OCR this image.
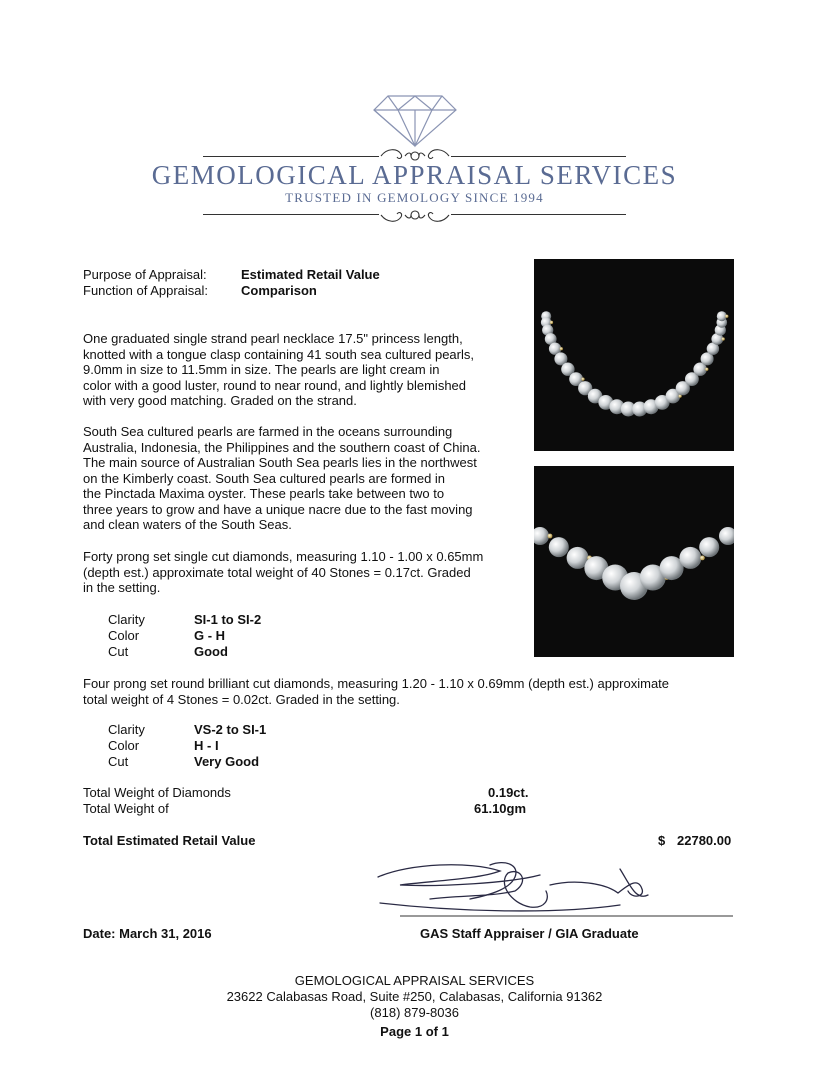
GEMOLOGICAL APPRAISAL SERVICES
TRUSTED IN GEMOLOGY SINCE 1994
Purpose of Appraisal:	Estimated Retail Value
Function of Appraisal:	Comparison
One graduated single strand pearl necklace 17.5" princess length,
knotted with a tongue clasp containing 41 south sea cultured pearls,
9.0mm in size to 11.5mm in size. The pearls are light cream in
color with a good luster, round to near round, and lightly blemished
with very good matching. Graded on the strand.
South Sea cultured pearls are farmed in the oceans surrounding
Australia, Indonesia, the Philippines and the southern coast of China.
The main source of Australian South Sea pearls lies in the northwest
on the Kimberly coast. South Sea cultured pearls are formed in
the Pinctada Maxima oyster. These pearls take between two to
three years to grow and have a unique nacre due to the fast moving
and clean waters of the South Seas.
Forty prong set single cut diamonds, measuring 1.10 - 1.00 x 0.65mm
(depth est.) approximate total weight of 40 Stones = 0.17ct. Graded
in the setting.
Clarity	SI-1 to SI-2
Color	G - H
Cut	Good
Four prong set round brilliant cut diamonds, measuring 1.20 - 1.10 x 0.69mm (depth est.) approximate
total weight of 4 Stones = 0.02ct. Graded in the setting.
Clarity	VS-2 to SI-1
Color	H - I
Cut	Very Good
Total Weight of Diamonds	0.19ct.
Total Weight of	61.10gm
Total Estimated Retail Value	$ 22780.00
Date: March 31, 2016	GAS Staff Appraiser / GIA Graduate
GEMOLOGICAL APPRAISAL SERVICES
23622 Calabasas Road, Suite #250, Calabasas, California 91362
(818) 879-8036
Page 1 of 1
